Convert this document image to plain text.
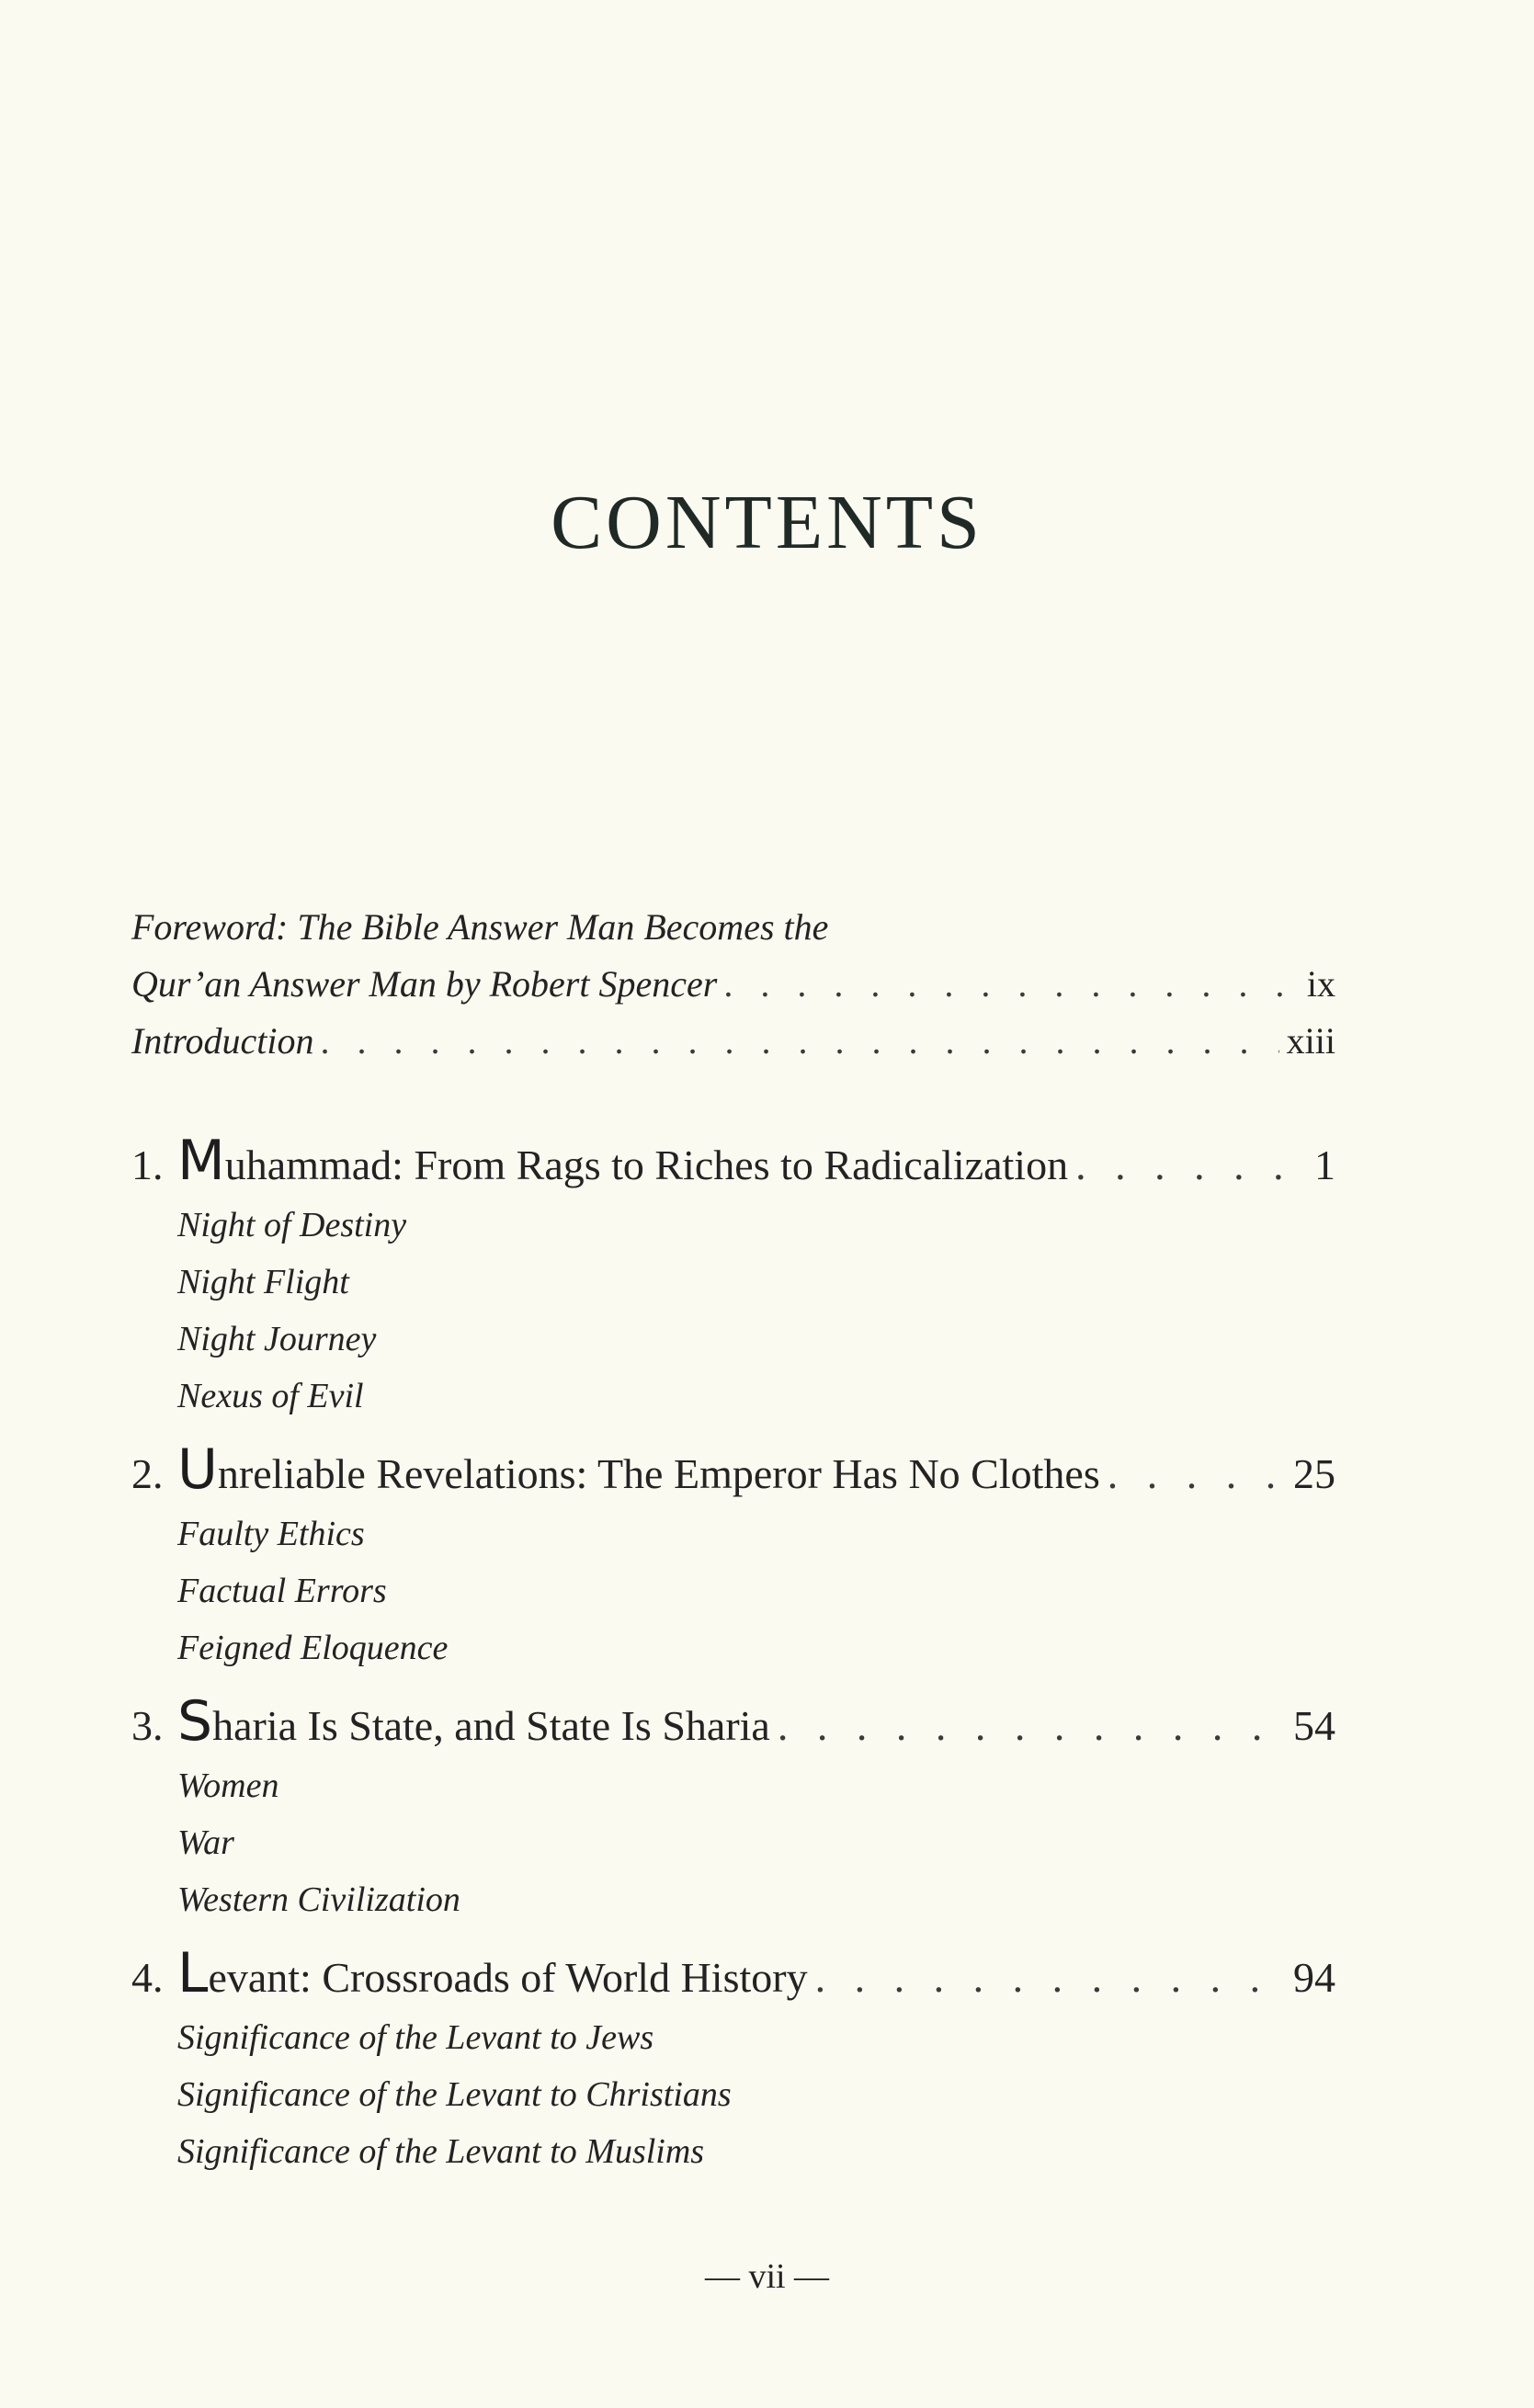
CONTENTS
Foreword: The Bible Answer Man Becomes the
Qur’an Answer Man by Robert Spencer . . .	ix
Introduction . . .	xiii
1. Muhammad: From Rags to Riches to Radicalization . . .	1
Night of Destiny
Night Flight
Night Journey
Nexus of Evil
2. Unreliable Revelations: The Emperor Has No Clothes . . .	25
Faulty Ethics
Factual Errors
Feigned Eloquence
3. Sharia Is State, and State Is Sharia . . .	54
Women
War
Western Civilization
4. Levant: Crossroads of World History . . .	94
Significance of the Levant to Jews
Significance of the Levant to Christians
Significance of the Levant to Muslims
— vii —
